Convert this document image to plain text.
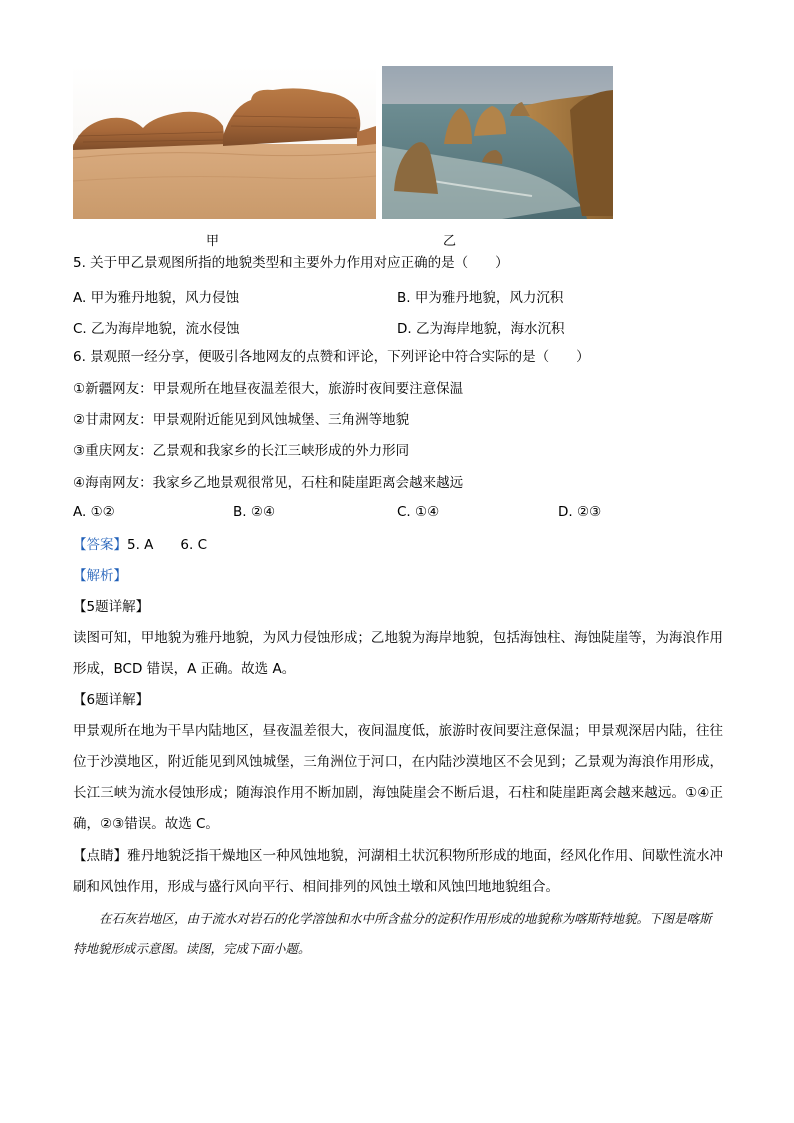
甲	乙
5. 关于甲乙景观图所指的地貌类型和主要外力作用对应正确的是（　　）
A. 甲为雅丹地貌，风力侵蚀	B. 甲为雅丹地貌，风力沉积
C. 乙为海岸地貌，流水侵蚀	D. 乙为海岸地貌，海水沉积
6. 景观照一经分享，便吸引各地网友的点赞和评论，下列评论中符合实际的是（　　）
①新疆网友：甲景观所在地昼夜温差很大，旅游时夜间要注意保温
②甘肃网友：甲景观附近能见到风蚀城堡、三角洲等地貌
③重庆网友：乙景观和我家乡的长江三峡形成的外力形同
④海南网友：我家乡乙地景观很常见，石柱和陡崖距离会越来越远
A. ①②	B. ②④	C. ①④	D. ②③
【答案】5. A　　6. C
【解析】
【5题详解】
读图可知，甲地貌为雅丹地貌，为风力侵蚀形成；乙地貌为海岸地貌，包括海蚀柱、海蚀陡崖等，为海浪作用形成，BCD 错误，A 正确。故选 A。
【6题详解】
甲景观所在地为干旱内陆地区，昼夜温差很大，夜间温度低，旅游时夜间要注意保温；甲景观深居内陆，往往位于沙漠地区，附近能见到风蚀城堡，三角洲位于河口，在内陆沙漠地区不会见到；乙景观为海浪作用形成，长江三峡为流水侵蚀形成；随海浪作用不断加剧，海蚀陡崖会不断后退，石柱和陡崖距离会越来越远。①④正确，②③错误。故选 C。
【点睛】雅丹地貌泛指干燥地区一种风蚀地貌，河湖相土状沉积物所形成的地面，经风化作用、间歇性流水冲刷和风蚀作用，形成与盛行风向平行、相间排列的风蚀土墩和风蚀凹地地貌组合。
在石灰岩地区，由于流水对岩石的化学溶蚀和水中所含盐分的淀积作用形成的地貌称为喀斯特地貌。下图是喀斯特地貌形成示意图。读图，完成下面小题。
